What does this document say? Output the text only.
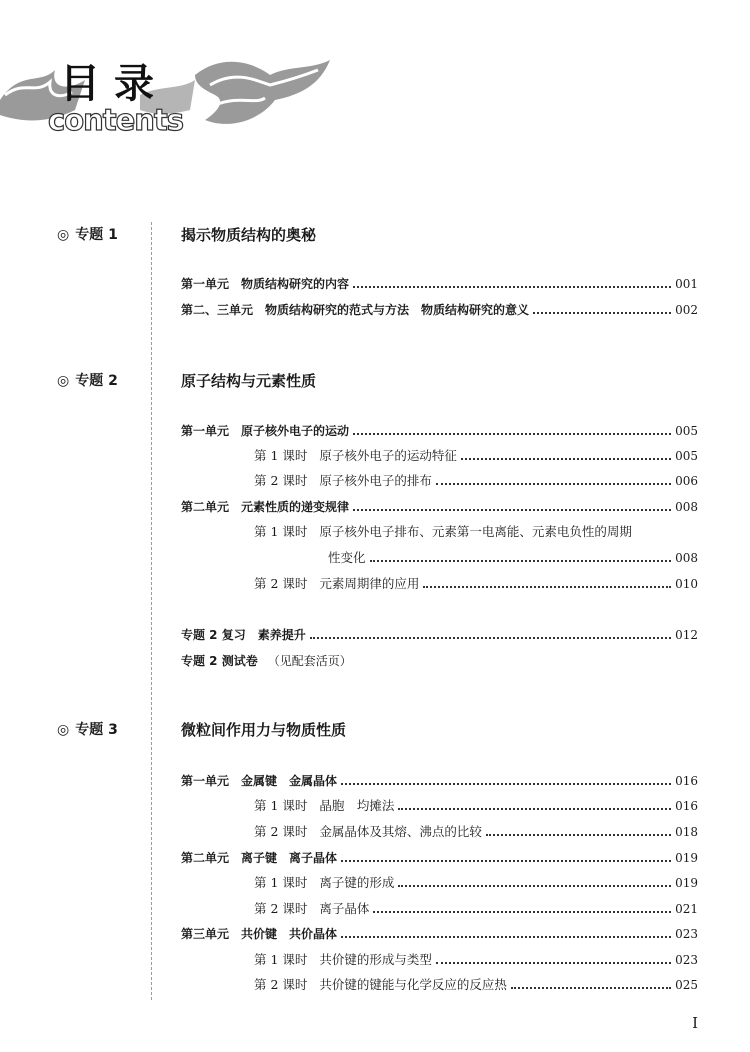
目录
contents
◎ 专题 1	揭示物质结构的奥秘
第一单元 物质结构研究的内容	001
第二、三单元 物质结构研究的范式与方法　物质结构研究的意义	002
◎ 专题 2	原子结构与元素性质
第一单元 原子核外电子的运动	005
第 1 课时 原子核外电子的运动特征	005
第 2 课时 原子核外电子的排布	006
第二单元 元素性质的递变规律	008
第 1 课时 原子核外电子排布、元素第一电离能、元素电负性的周期
性变化	008
第 2 课时 元素周期律的应用	010
专题 2 复习 素养提升	012
专题 2 测试卷 （见配套活页）
◎ 专题 3	微粒间作用力与物质性质
第一单元 金属键　金属晶体	016
第 1 课时 晶胞　均摊法	016
第 2 课时 金属晶体及其熔、沸点的比较	018
第二单元 离子键　离子晶体	019
第 1 课时 离子键的形成	019
第 2 课时 离子晶体	021
第三单元 共价键　共价晶体	023
第 1 课时 共价键的形成与类型	023
第 2 课时 共价键的键能与化学反应的反应热	025
I
